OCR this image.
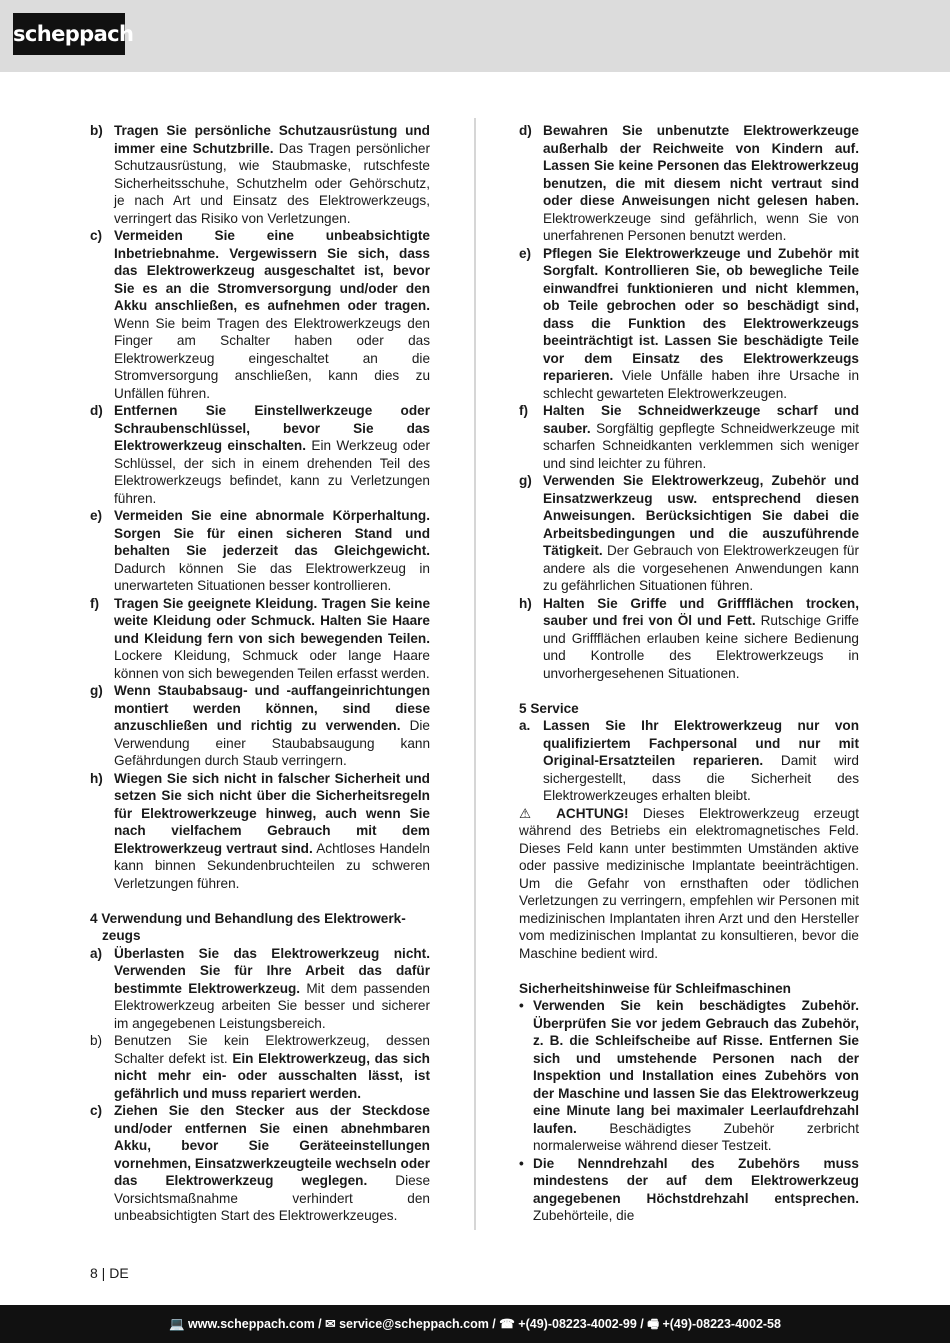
scheppach
b) Tragen Sie persönliche Schutzausrüstung und immer eine Schutzbrille. Das Tragen persönlicher Schutzausrüstung, wie Staubmaske, rutschfeste Sicherheitsschuhe, Schutzhelm oder Gehörschutz, je nach Art und Einsatz des Elektrowerkzeugs, verringert das Risiko von Verletzungen.
c) Vermeiden Sie eine unbeabsichtigte Inbetriebnahme. Vergewissern Sie sich, dass das Elektrowerkzeug ausgeschaltet ist, bevor Sie es an die Stromversorgung und/oder den Akku anschließen, es aufnehmen oder tragen. Wenn Sie beim Tragen des Elektrowerkzeugs den Finger am Schalter haben oder das Elektrowerkzeug eingeschaltet an die Stromversorgung anschließen, kann dies zu Unfällen führen.
d) Entfernen Sie Einstellwerkzeuge oder Schraubenschlüssel, bevor Sie das Elektrowerkzeug einschalten. Ein Werkzeug oder Schlüssel, der sich in einem drehenden Teil des Elektrowerkzeugs befindet, kann zu Verletzungen führen.
e) Vermeiden Sie eine abnormale Körperhaltung. Sorgen Sie für einen sicheren Stand und behalten Sie jederzeit das Gleichgewicht. Dadurch können Sie das Elektrowerkzeug in unerwarteten Situationen besser kontrollieren.
f)	Tragen Sie geeignete Kleidung. Tragen Sie keine weite Kleidung oder Schmuck. Halten Sie Haare und Kleidung fern von sich bewegenden Teilen. Lockere Kleidung, Schmuck oder lange Haare können von sich bewegenden Teilen erfasst werden.
g) Wenn Staubabsaug- und -auffangeinrichtungen montiert werden können, sind diese anzuschließen und richtig zu verwenden. Die Verwendung einer Staubabsaugung kann Gefährdungen durch Staub verringern.
h) Wiegen Sie sich nicht in falscher Sicherheit und setzen Sie sich nicht über die Sicherheitsregeln für Elektrowerkzeuge hinweg, auch wenn Sie nach vielfachem Gebrauch mit dem Elektrowerkzeug vertraut sind. Achtloses Handeln kann binnen Sekundenbruchteilen zu schweren Verletzungen führen.
4 Verwendung und Behandlung des Elektrowerk-
zeugs
a) Überlasten Sie das Elektrowerkzeug nicht. Verwenden Sie für Ihre Arbeit das dafür bestimmte Elektrowerkzeug. Mit dem passenden Elektrowerkzeug arbeiten Sie besser und sicherer im angegebenen Leistungsbereich.
b) Benutzen Sie kein Elektrowerkzeug, dessen Schalter defekt ist. Ein Elektrowerkzeug, das sich nicht mehr ein- oder ausschalten lässt, ist gefährlich und muss repariert werden.
c) Ziehen Sie den Stecker aus der Steckdose und/oder entfernen Sie einen abnehmbaren Akku, bevor Sie Geräteeinstellungen vornehmen, Einsatzwerkzeugteile wechseln oder das Elektrowerkzeug weglegen. Diese Vorsichtsmaßnahme verhindert den unbeabsichtigten Start des Elektrowerkzeuges.
d) Bewahren Sie unbenutzte Elektrowerkzeuge außerhalb der Reichweite von Kindern auf. Lassen Sie keine Personen das Elektrowerkzeug benutzen, die mit diesem nicht vertraut sind oder diese Anweisungen nicht gelesen haben. Elektrowerkzeuge sind gefährlich, wenn Sie von unerfahrenen Personen benutzt werden.
e) Pflegen Sie Elektrowerkzeuge und Zubehör mit Sorgfalt. Kontrollieren Sie, ob bewegliche Teile einwandfrei funktionieren und nicht klemmen, ob Teile gebrochen oder so beschädigt sind, dass die Funktion des Elektrowerkzeugs beeinträchtigt ist. Lassen Sie beschädigte Teile vor dem Einsatz des Elektrowerkzeugs reparieren. Viele Unfälle haben ihre Ursache in schlecht gewarteten Elektrowerkzeugen.
f)	Halten Sie Schneidwerkzeuge scharf und sauber. Sorgfältig gepflegte Schneidwerkzeuge mit scharfen Schneidkanten verklemmen sich weniger und sind leichter zu führen.
g) Verwenden Sie Elektrowerkzeug, Zubehör und Einsatzwerkzeug usw. entsprechend diesen Anweisungen. Berücksichtigen Sie dabei die Arbeitsbedingungen und die auszuführende Tätigkeit. Der Gebrauch von Elektrowerkzeugen für andere als die vorgesehenen Anwendungen kann zu gefährlichen Situationen führen.
h) Halten Sie Griffe und Griffflächen trocken, sauber und frei von Öl und Fett. Rutschige Griffe und Griffflächen erlauben keine sichere Bedienung und Kontrolle des Elektrowerkzeugs in unvorhergesehenen Situationen.
5 Service
a. Lassen Sie Ihr Elektrowerkzeug nur von qualifiziertem Fachpersonal und nur mit Original-Ersatzteilen reparieren. Damit wird sichergestellt, dass die Sicherheit des Elektrowerkzeuges erhalten bleibt.
⚠ ACHTUNG! Dieses Elektrowerkzeug erzeugt während des Betriebs ein elektromagnetisches Feld. Dieses Feld kann unter bestimmten Umständen aktive oder passive medizinische Implantate beeinträchtigen. Um die Gefahr von ernsthaften oder tödlichen Verletzungen zu verringern, empfehlen wir Personen mit medizinischen Implantaten ihren Arzt und den Hersteller vom medizinischen Implantat zu konsultieren, bevor die Maschine bedient wird.
Sicherheitshinweise für Schleifmaschinen
• Verwenden Sie kein beschädigtes Zubehör. Überprüfen Sie vor jedem Gebrauch das Zubehör, z. B. die Schleifscheibe auf Risse. Entfernen Sie sich und umstehende Personen nach der Inspektion und Installation eines Zubehörs von der Maschine und lassen Sie das Elektrowerkzeug eine Minute lang bei maximaler Leerlaufdrehzahl laufen. Beschädigtes Zubehör zerbricht normalerweise während dieser Testzeit.
• Die Nenndrehzahl des Zubehörs muss mindestens der auf dem Elektrowerkzeug angegebenen Höchstdrehzahl entsprechen. Zubehörteile, die
8 | DE
💻 www.scheppach.com / ✉ service@scheppach.com / ☎ +(49)-08223-4002-99 / 🖷 +(49)-08223-4002-58
